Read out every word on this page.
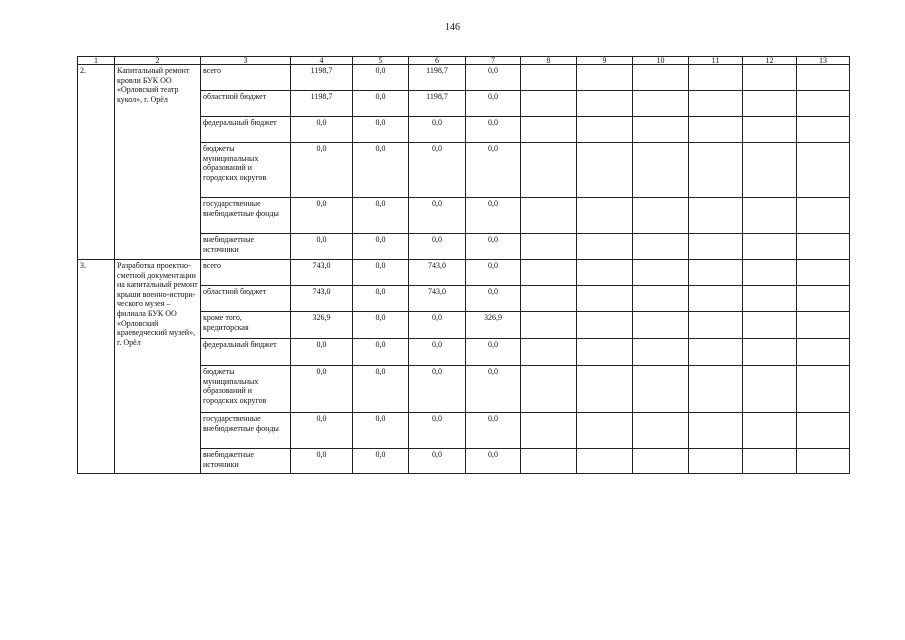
146
1	2	3	4	5	6	7	8	9	10	11	12	13
2.	Капитальный ремонт кровли БУК ОО «Орловский театр кукол», г. Орёл	всего	1198,7	0,0	1198,7	0,0						
		областной бюджет	1198,7	0,0	1198,7	0,0						
		федеральный бюджет	0,0	0,0	0,0	0,0						
		бюджеты муниципальных образований и городских округов	0,0	0,0	0,0	0,0						
		государственные внебюджетные фонды	0,0	0,0	0,0	0,0						
		внебюджетные источники	0,0	0,0	0,0	0,0						
3.	Разработка проектно-сметной документации на капитальный ремонт крыши военно-истори-ческого музея – филиала БУК ОО «Орловский краеведческий музей», г. Орёл	всего	743,0	0,0	743,0	0,0						
		областной бюджет	743,0	0,0	743,0	0,0						
		кроме того, кредиторская	326,9	0,0	0,0	326,9						
		федеральный бюджет	0,0	0,0	0,0	0,0						
		бюджеты муниципальных образований и городских округов	0,0	0,0	0,0	0,0						
		государственные внебюджетные фонды	0,0	0,0	0,0	0,0						
		внебюджетные источники	0,0	0,0	0,0	0,0						
